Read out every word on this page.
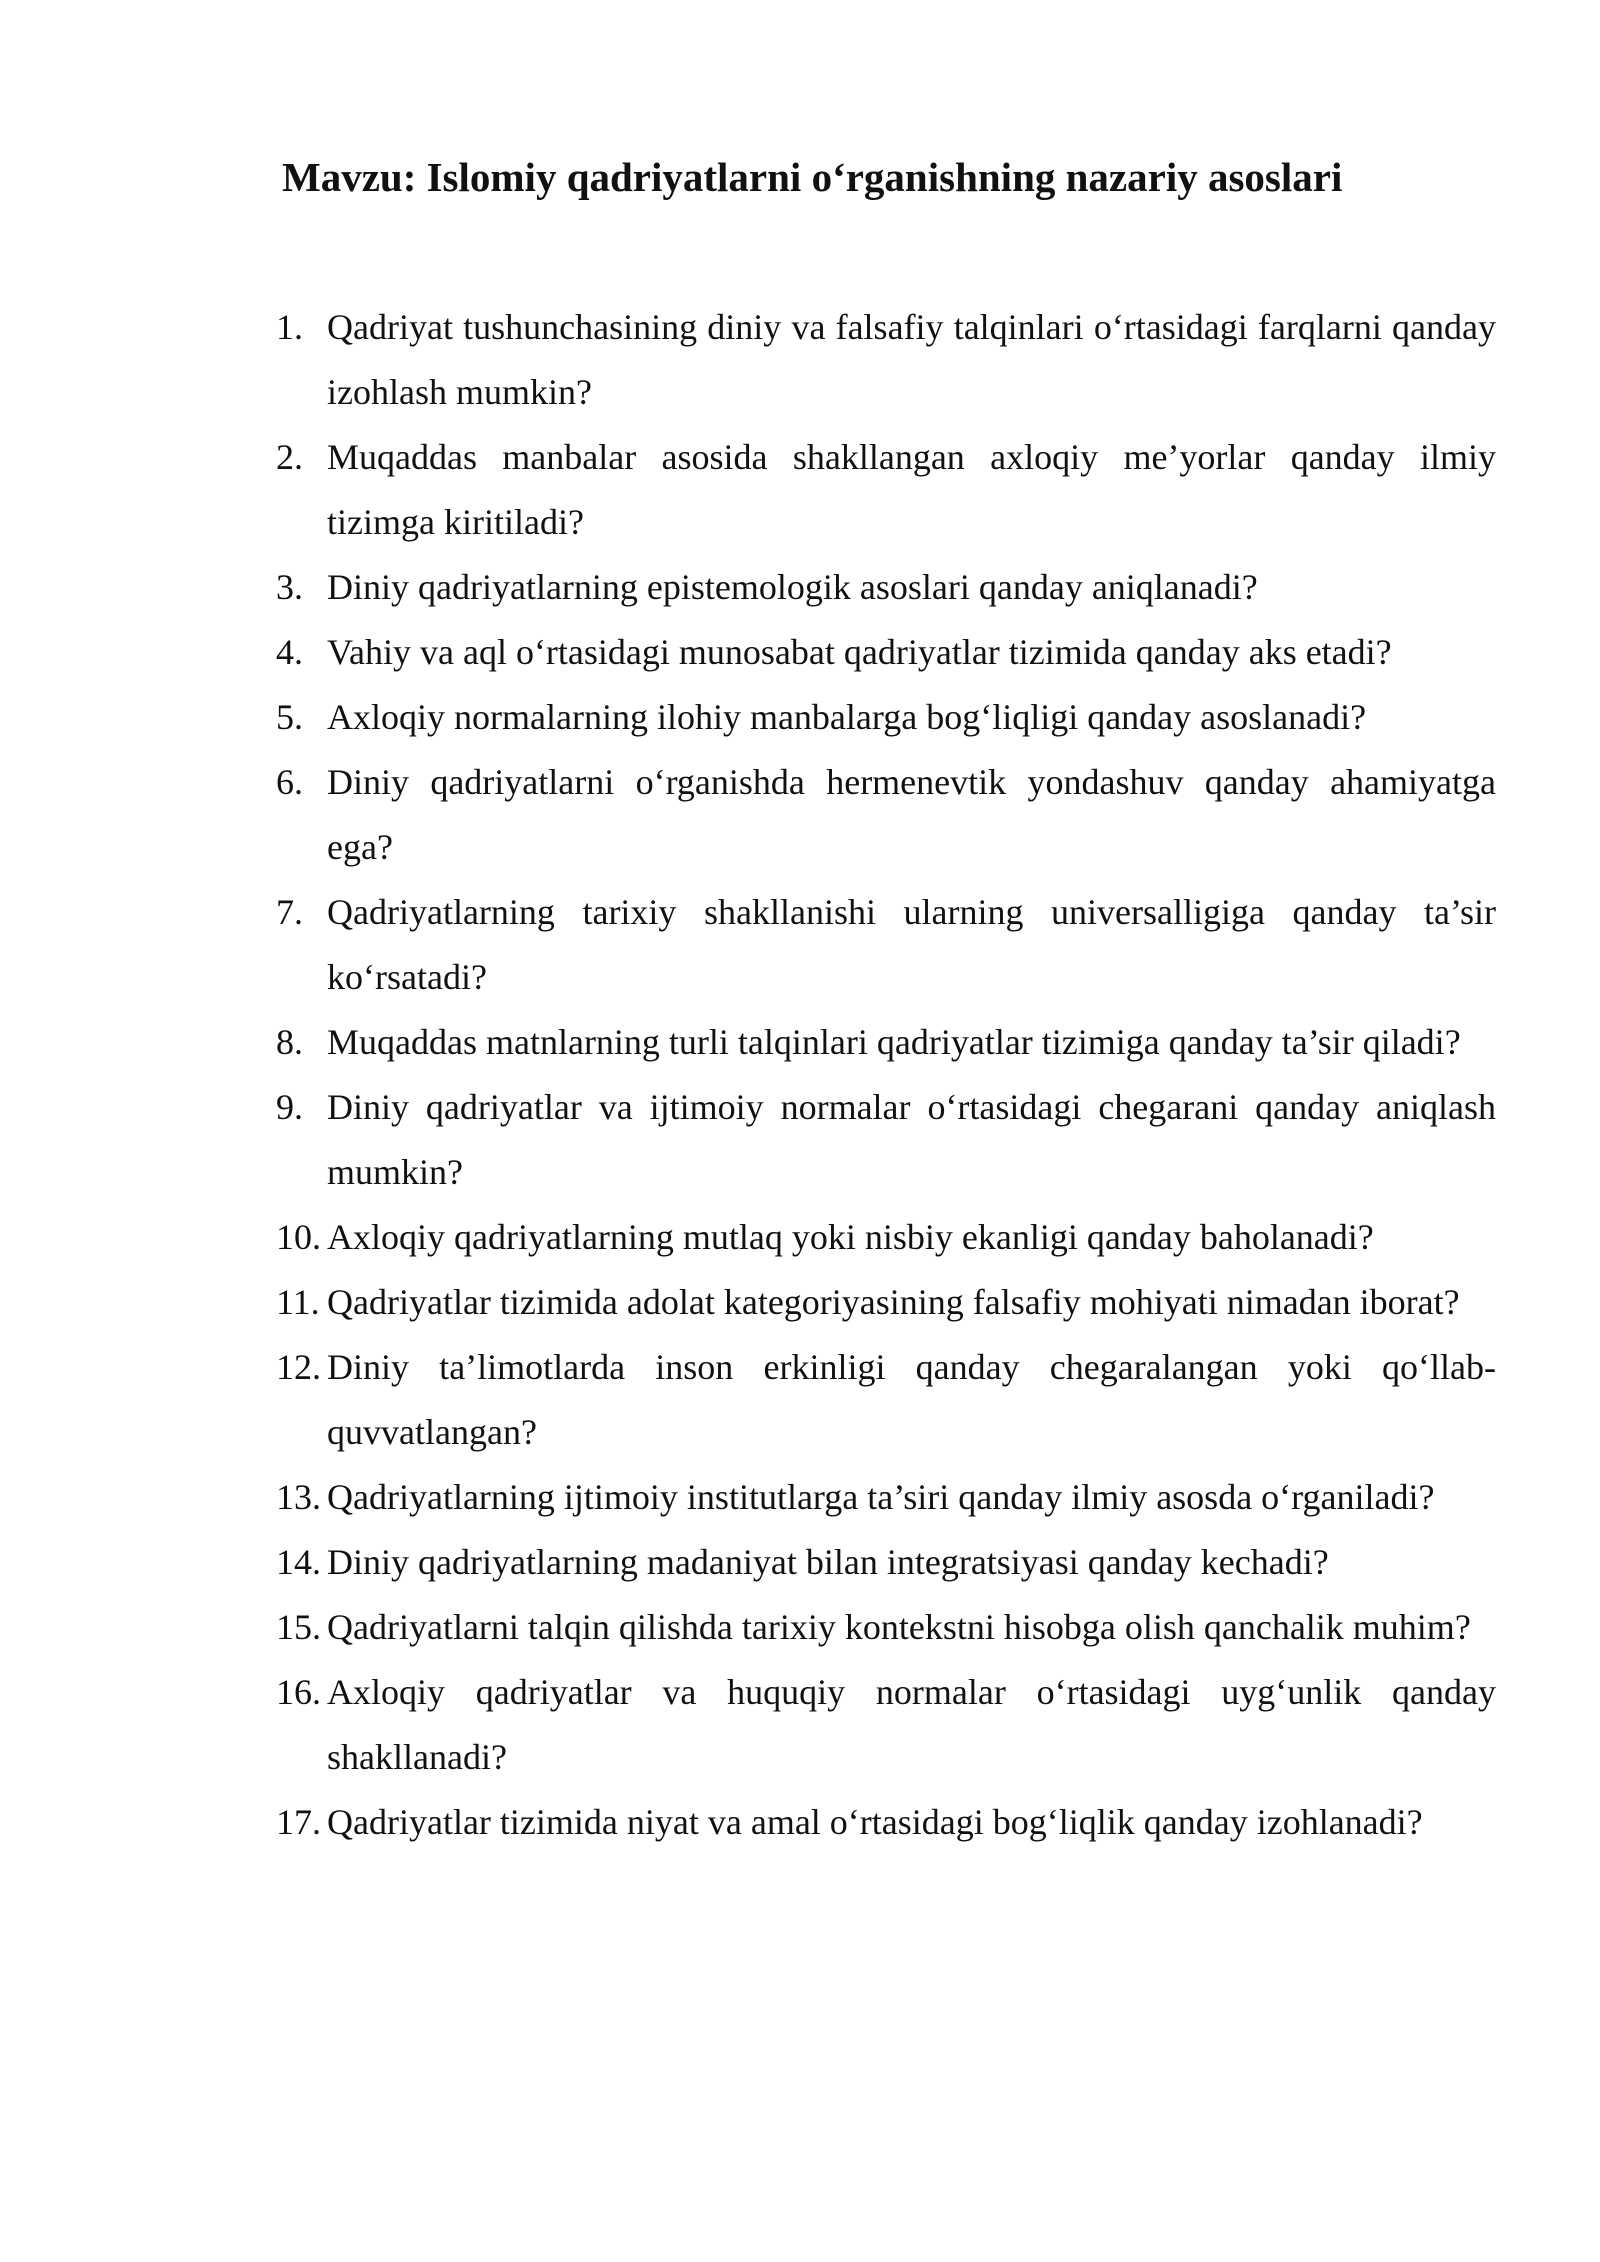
Mavzu: Islomiy qadriyatlarni o‘rganishning nazariy asoslari
1. Qadriyat tushunchasining diniy va falsafiy talqinlari o‘rtasidagi farqlarni qanday izohlash mumkin?
2. Muqaddas manbalar asosida shakllangan axloqiy me’yorlar qanday ilmiy tizimga kiritiladi?
3. Diniy qadriyatlarning epistemologik asoslari qanday aniqlanadi?
4. Vahiy va aql o‘rtasidagi munosabat qadriyatlar tizimida qanday aks etadi?
5. Axloqiy normalarning ilohiy manbalarga bog‘liqligi qanday asoslanadi?
6. Diniy qadriyatlarni o‘rganishda hermenevtik yondashuv qanday ahamiyatga ega?
7. Qadriyatlarning tarixiy shakllanishi ularning universalligiga qanday ta’sir ko‘rsatadi?
8. Muqaddas matnlarning turli talqinlari qadriyatlar tizimiga qanday ta’sir qiladi?
9. Diniy qadriyatlar va ijtimoiy normalar o‘rtasidagi chegarani qanday aniqlash mumkin?
10. Axloqiy qadriyatlarning mutlaq yoki nisbiy ekanligi qanday baholanadi?
11. Qadriyatlar tizimida adolat kategoriyasining falsafiy mohiyati nimadan iborat?
12. Diniy ta’limotlarda inson erkinligi qanday chegaralangan yoki qo‘llab-quvvatlangan?
13. Qadriyatlarning ijtimoiy institutlarga ta’siri qanday ilmiy asosda o‘rganiladi?
14. Diniy qadriyatlarning madaniyat bilan integratsiyasi qanday kechadi?
15. Qadriyatlarni talqin qilishda tarixiy kontekstni hisobga olish qanchalik muhim?
16. Axloqiy qadriyatlar va huquqiy normalar o‘rtasidagi uyg‘unlik qanday shakllanadi?
17. Qadriyatlar tizimida niyat va amal o‘rtasidagi bog‘liqlik qanday izohlanadi?
